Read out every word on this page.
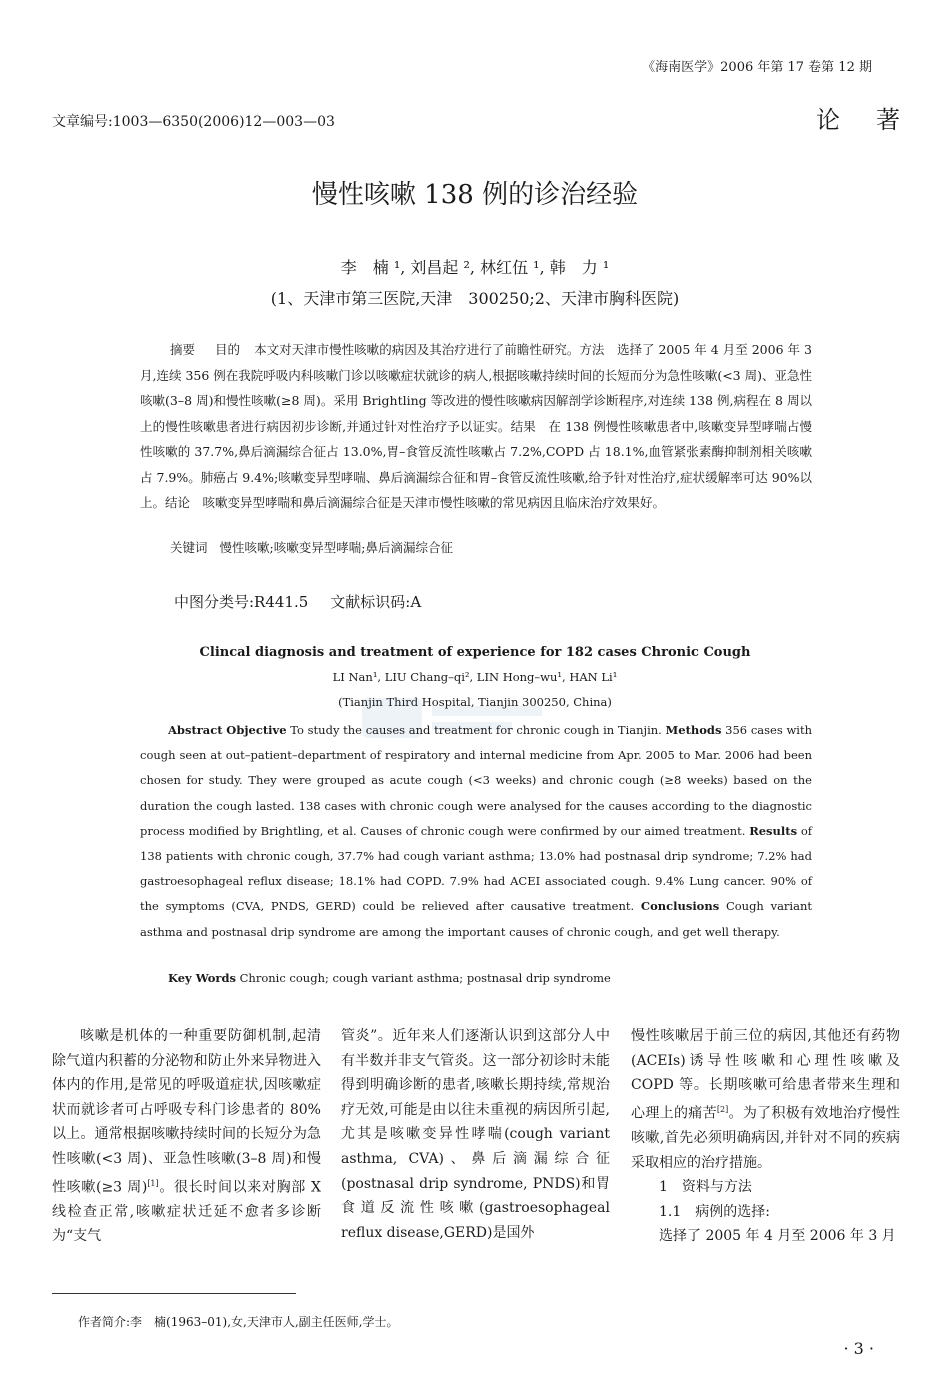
《海南医学》2006 年第 17 卷第 12 期
文章编号:1003—6350(2006)12—003—03	论著
慢性咳嗽 138 例的诊治经验
李　楠 ¹, 刘昌起 ², 林红伍 ¹, 韩　力 ¹
(1、天津市第三医院,天津　300250;2、天津市胸科医院)
摘要 目的 本文对天津市慢性咳嗽的病因及其治疗进行了前瞻性研究。方法　选择了 2005 年 4 月至 2006 年 3 月,连续 356 例在我院呼吸内科咳嗽门诊以咳嗽症状就诊的病人,根据咳嗽持续时间的长短而分为急性咳嗽(<3 周)、亚急性咳嗽(3–8 周)和慢性咳嗽(≥8 周)。采用 Brightling 等改进的慢性咳嗽病因解剖学诊断程序,对连续 138 例,病程在 8 周以上的慢性咳嗽患者进行病因初步诊断,并通过针对性治疗予以证实。结果　在 138 例慢性咳嗽患者中,咳嗽变异型哮喘占慢性咳嗽的 37.7%,鼻后滴漏综合征占 13.0%,胃–食管反流性咳嗽占 7.2%,COPD 占 18.1%,血管紧张素酶抑制剂相关咳嗽占 7.9%。肺癌占 9.4%;咳嗽变异型哮喘、鼻后滴漏综合征和胃–食管反流性咳嗽,给予针对性治疗,症状缓解率可达 90%以上。结论　咳嗽变异型哮喘和鼻后滴漏综合征是天津市慢性咳嗽的常见病因且临床治疗效果好。
关键词 慢性咳嗽;咳嗽变异型哮喘;鼻后滴漏综合征
中图分类号:R441.5 文献标识码:A
Clincal diagnosis and treatment of experience for 182 cases Chronic Cough
LI Nan¹, LIU Chang–qi², LIN Hong–wu¹, HAN Li¹
(Tianjin Third Hospital, Tianjin 300250, China)
Abstract Objective To study the causes and treatment for chronic cough in Tianjin. Methods 356 cases with cough seen at out–patient–department of respiratory and internal medicine from Apr. 2005 to Mar. 2006 had been chosen for study. They were grouped as acute cough (<3 weeks) and chronic cough (≥8 weeks) based on the duration the cough lasted. 138 cases with chronic cough were analysed for the causes according to the diagnostic process modified by Brightling, et al. Causes of chronic cough were confirmed by our aimed treatment. Results of 138 patients with chronic cough, 37.7% had cough variant asthma; 13.0% had postnasal drip syndrome; 7.2% had gastroesophageal reflux disease; 18.1% had COPD. 7.9% had ACEI associated cough. 9.4% Lung cancer. 90% of the symptoms (CVA, PNDS, GERD) could be relieved after causative treatment. Conclusions Cough variant asthma and postnasal drip syndrome are among the important causes of chronic cough, and get well therapy.
Key Words Chronic cough; cough variant asthma; postnasal drip syndrome

咳嗽是机体的一种重要防御机制,起清除气道内积蓄的分泌物和防止外来异物进入体内的作用,是常见的呼吸道症状,因咳嗽症状而就诊者可占呼吸专科门诊患者的 80%以上。通常根据咳嗽持续时间的长短分为急性咳嗽(<3 周)、亚急性咳嗽(3–8 周)和慢性咳嗽(≥3 周)[1]。很长时间以来对胸部 X 线检查正常,咳嗽症状迁延不愈者多诊断为“支气

管炎”。近年来人们逐渐认识到这部分人中有半数并非支气管炎。这一部分初诊时未能得到明确诊断的患者,咳嗽长期持续,常规治疗无效,可能是由以往未重视的病因所引起,尤其是咳嗽变异性哮喘(cough variant asthma, CVA)、鼻后滴漏综合征(postnasal drip syndrome, PNDS)和胃食道反流性咳嗽(gastroesophageal reflux disease,GERD)是国外

慢性咳嗽居于前三位的病因,其他还有药物(ACEIs)诱导性咳嗽和心理性咳嗽及 COPD 等。长期咳嗽可给患者带来生理和心理上的痛苦[2]。为了积极有效地治疗慢性咳嗽,首先必须明确病因,并针对不同的疾病采取相应的治疗措施。

1　资料与方法

1.1　病例的选择:

选择了 2005 年 4 月至 2006 年 3 月

作者简介:李　楠(1963–01),女,天津市人,副主任医师,学士。
· 3 ·
